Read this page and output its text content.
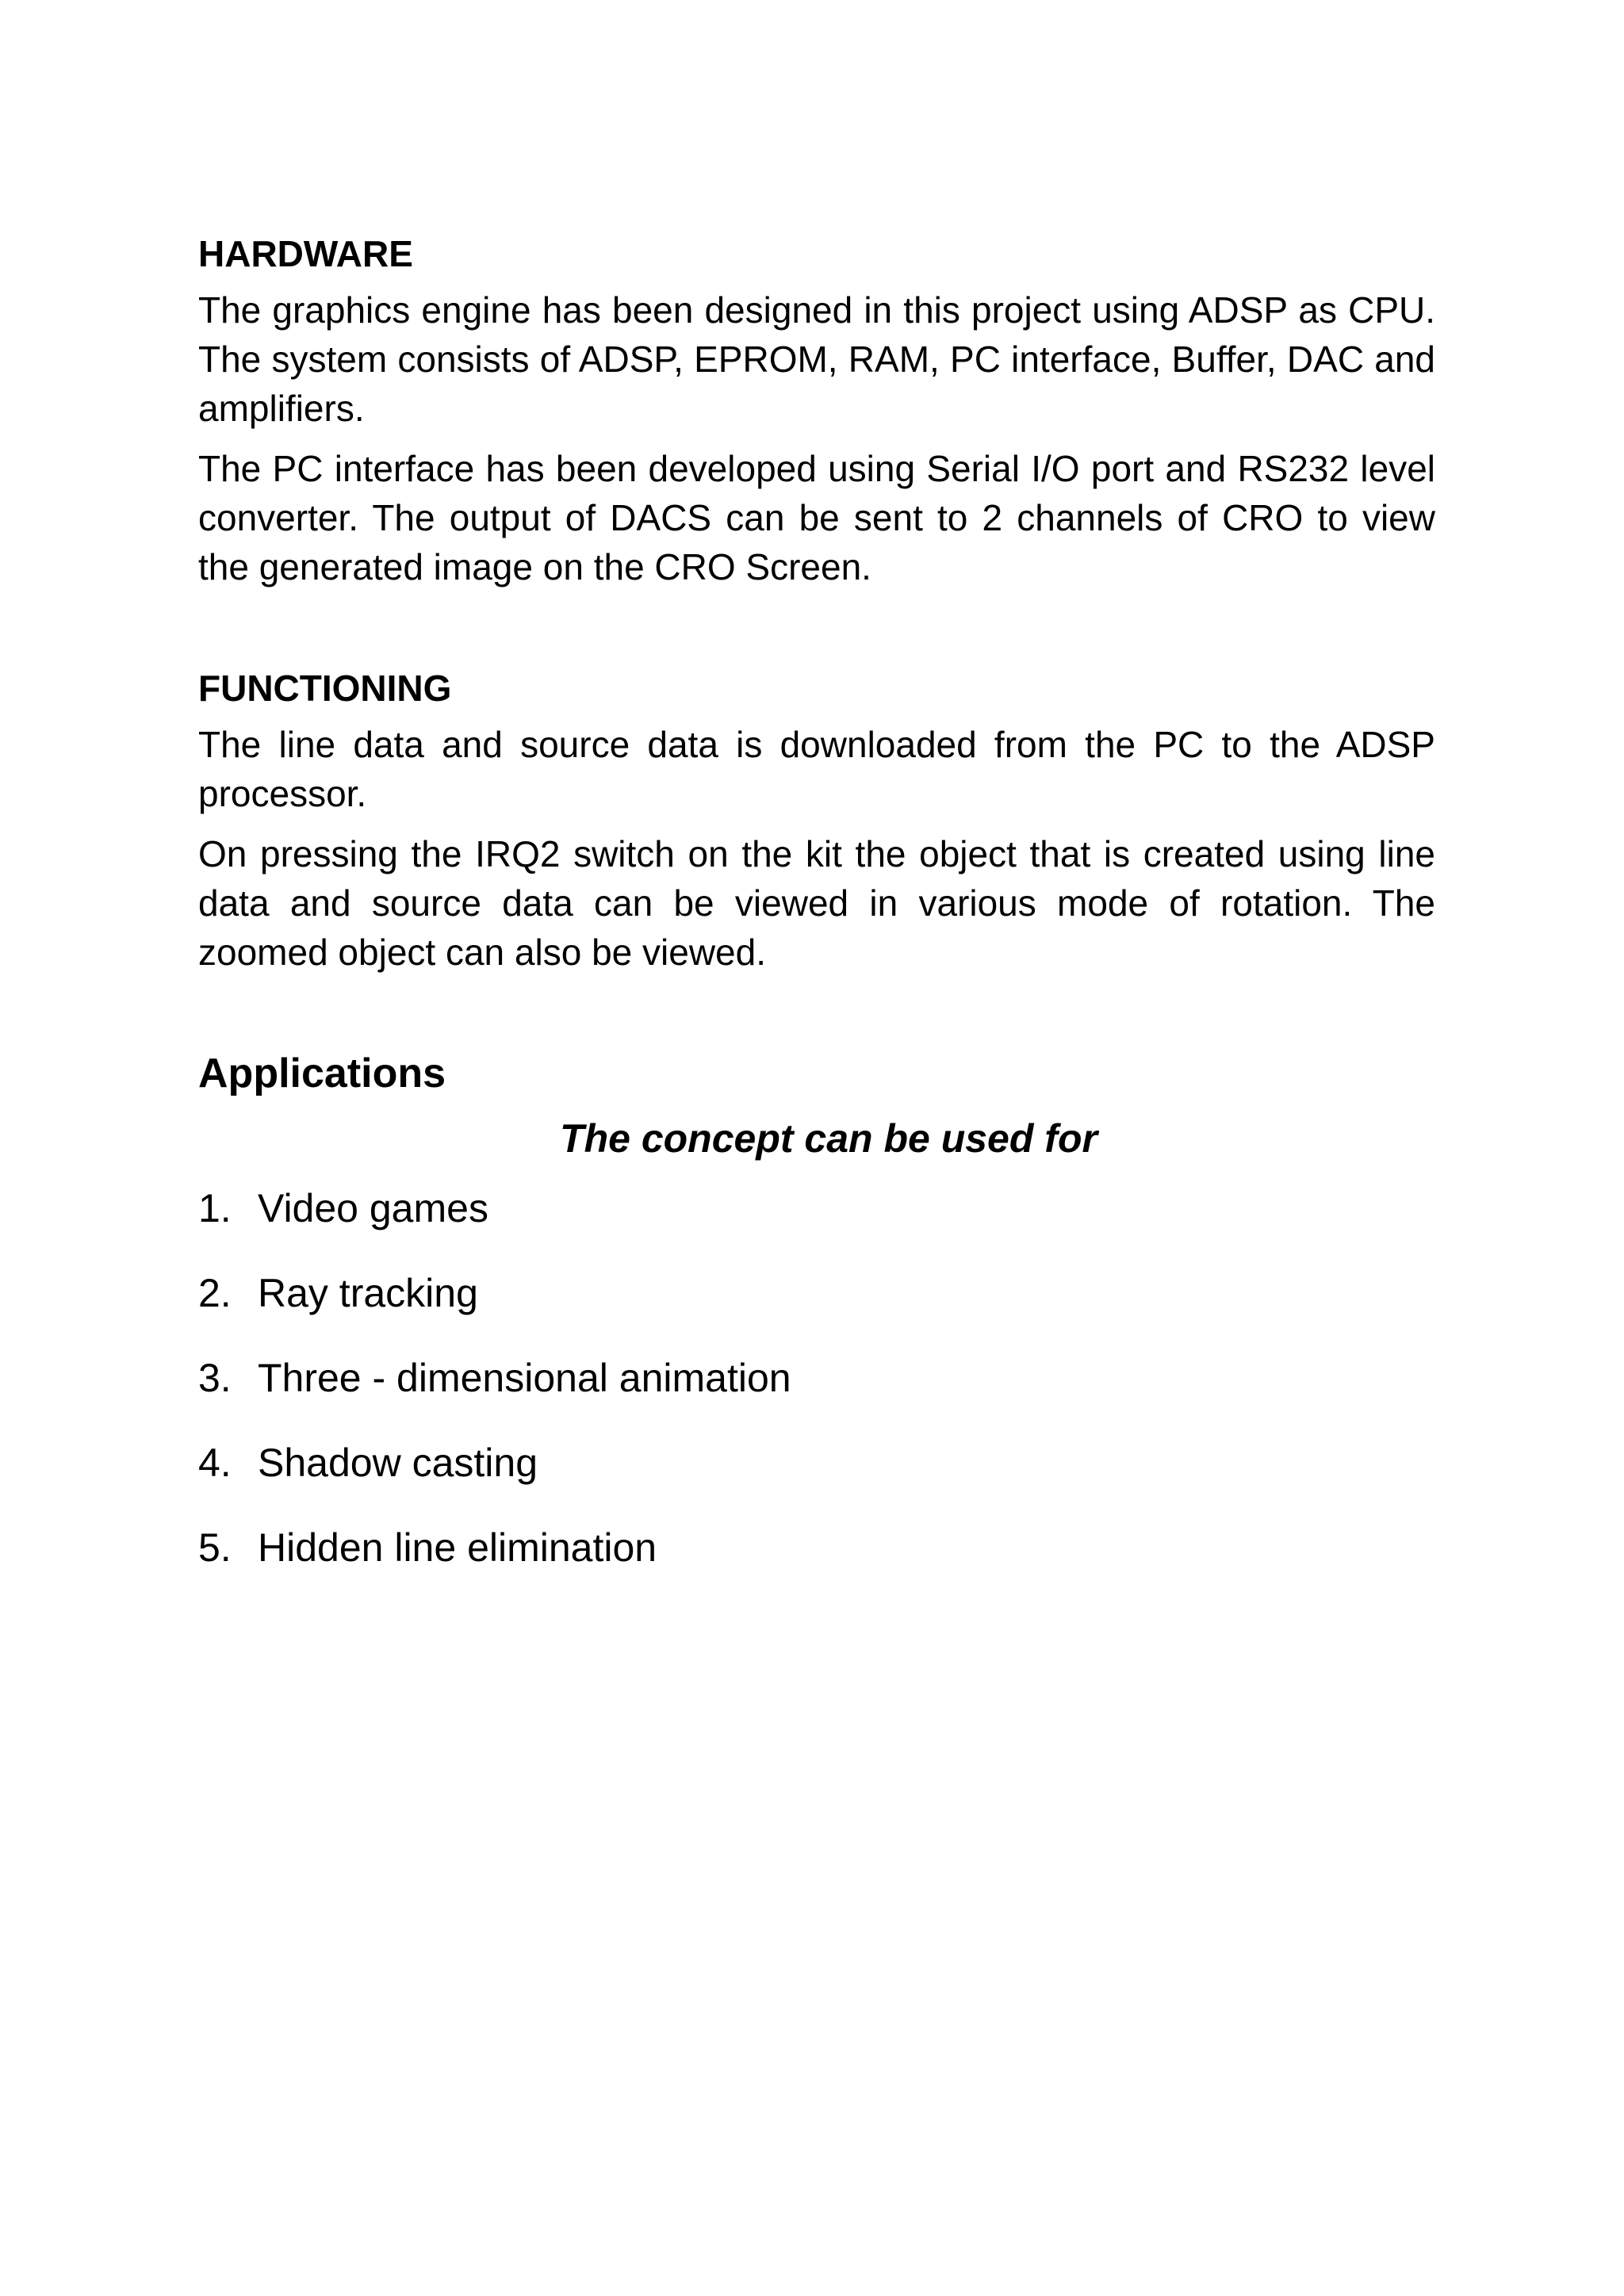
HARDWARE

The graphics engine has been designed in this project using ADSP as CPU. The system consists of ADSP, EPROM, RAM, PC interface, Buffer, DAC and amplifiers.

The PC interface has been developed using Serial I/O port and RS232 level converter. The output of DACS can be sent to 2 channels of CRO to view the generated image on the CRO Screen.

FUNCTIONING

The line data and source data is downloaded from the PC to the ADSP processor.

On pressing the IRQ2 switch on the kit the object that is created using line data and source data can be viewed in various mode of rotation. The zoomed object can also be viewed.

Applications
The concept can be used for
1. Video games
2. Ray tracking
3. Three - dimensional animation
4. Shadow casting
5. Hidden line elimination
